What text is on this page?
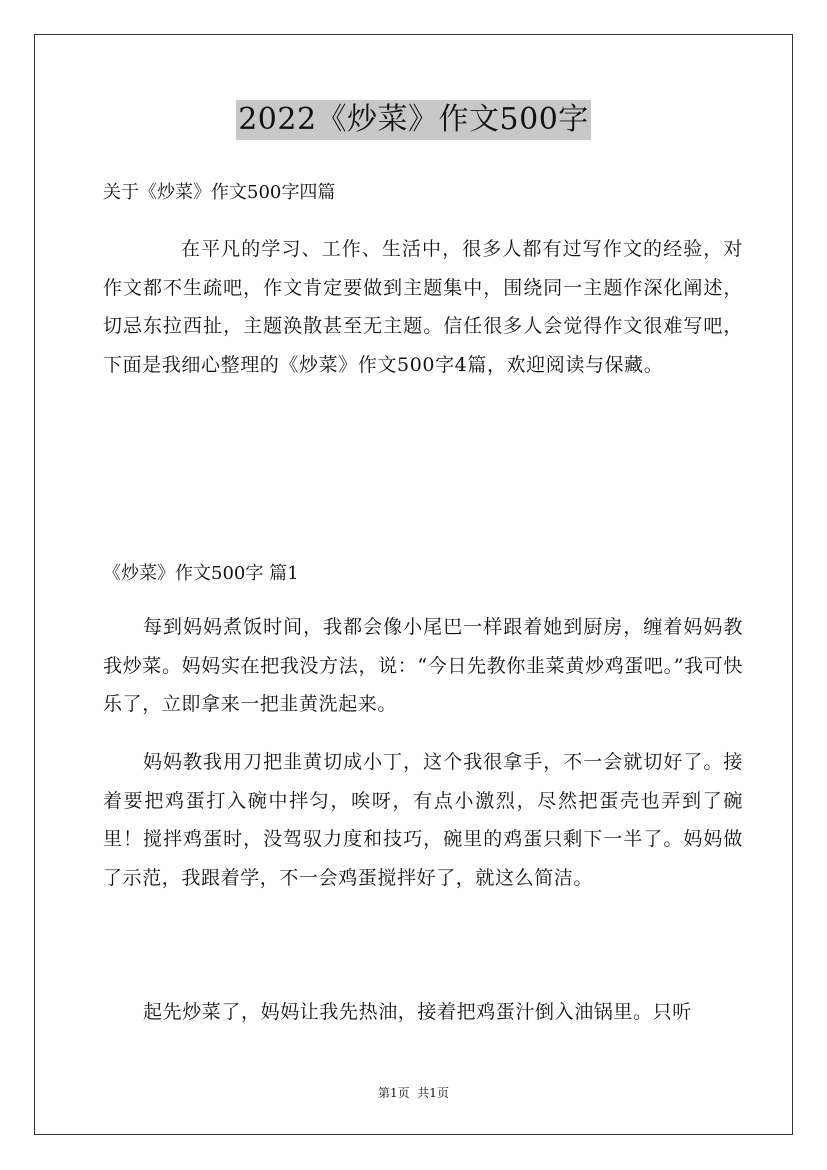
2022《炒菜》作文500字
关于《炒菜》作文500字四篇

在平凡的学习、工作、生活中，很多人都有过写作文的经验，对作文都不生疏吧，作文肯定要做到主题集中，围绕同一主题作深化阐述，切忌东拉西扯，主题涣散甚至无主题。信任很多人会觉得作文很难写吧，下面是我细心整理的《炒菜》作文500字4篇，欢迎阅读与保藏。

《炒菜》作文500字 篇1

每到妈妈煮饭时间，我都会像小尾巴一样跟着她到厨房，缠着妈妈教我炒菜。妈妈实在把我没方法，说：“今日先教你韭菜黄炒鸡蛋吧。”我可快乐了，立即拿来一把韭黄洗起来。

妈妈教我用刀把韭黄切成小丁，这个我很拿手，不一会就切好了。接着要把鸡蛋打入碗中拌匀，唉呀，有点小激烈，尽然把蛋壳也弄到了碗里！搅拌鸡蛋时，没驾驭力度和技巧，碗里的鸡蛋只剩下一半了。妈妈做了示范，我跟着学，不一会鸡蛋搅拌好了，就这么简洁。

起先炒菜了，妈妈让我先热油，接着把鸡蛋汁倒入油锅里。只听

第1页  共1页
